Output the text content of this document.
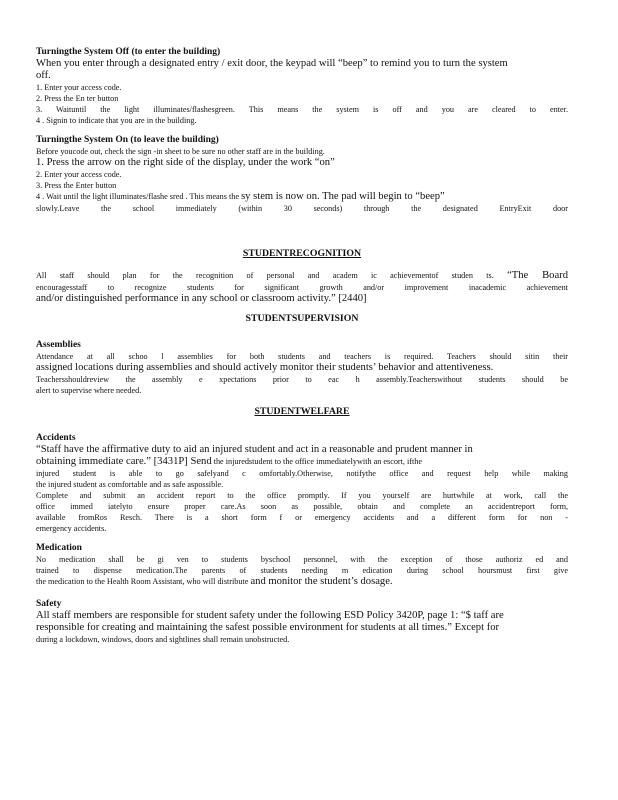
Turningthe System Off (to enter the building)
When you enter through a designated entry / exit door, the keypad will “beep” to remind you to turn the system
off.
1. Enter your access code.
2. Press the En ter button
3. Waituntil the light illuminates/flashesgreen. This means the system is off and you are cleared to enter.
4 . Signin to indicate that you are in the building.
Turningthe System On (to leave the building)
Before youcode out, check the sign -in sheet to be sure no other staff are in the building.
1. Press the arrow on the right side of the display, under the work “on”
2. Enter your access code.
3. Press the Enter button
4 . Wait until the light illuminates/flashe sred . This means the sy stem is now on. The pad will begin to “beep”
slowly.Leave the school immediately (within 30 seconds) through the designated EntryExit door
STUDENTRECOGNITION
All staff should plan for the recognition of personal and academ ic achievementof studen ts. “The Board
encouragesstaff to recognize students for significant growth and/or improvement inacademic achievement
and/or distinguished performance in any school or classroom activity.” [2440]
STUDENTSUPERVISION
Assemblies
Attendance at all schoo l assemblies for both students and teachers is required. Teachers should sitin their
assigned locations during assemblies and should actively monitor their students’ behavior and attentiveness.
Teachersshouldreview the assembly e xpectations prior to eac h assembly.Teacherswithout students should be
alert to supervise where needed.
STUDENTWELFARE
Accidents
“Staff have the affirmative duty to aid an injured student and act in a reasonable and prudent manner in
obtaining immediate care.” [3431P] Send the injuredstudent to the office immediatelywith an escort, ifthe
injured student is able to go safelyand c omfortably.Otherwise, notifythe office and request help while making
the injured student as comfortable and as safe aspossible.
Complete and submit an accident report to the office promptly. If you yourself are hurtwhile at work, call the
office immed iatelyto ensure proper care.As soon as possible, obtain and complete an accidentreport form,
available fromRos Resch. There is a short form f or emergency accidents and a different form for non -
emergency accidents.
Medication
No medication shall be gi ven to students byschool personnel, with the exception of those authoriz ed and
trained to dispense medication.The parents of students needing m edication during school hoursmust first give
the medication to the Health Room Assistant, who will distribute and monitor the student’s dosage.
Safety
All staff members are responsible for student safety under the following ESD Policy 3420P, page 1: “$ taff are
responsible for creating and maintaining the safest possible environment for students at all times.” Except for
during a lockdown, windows, doors and sightlines shall remain unobstructed.
